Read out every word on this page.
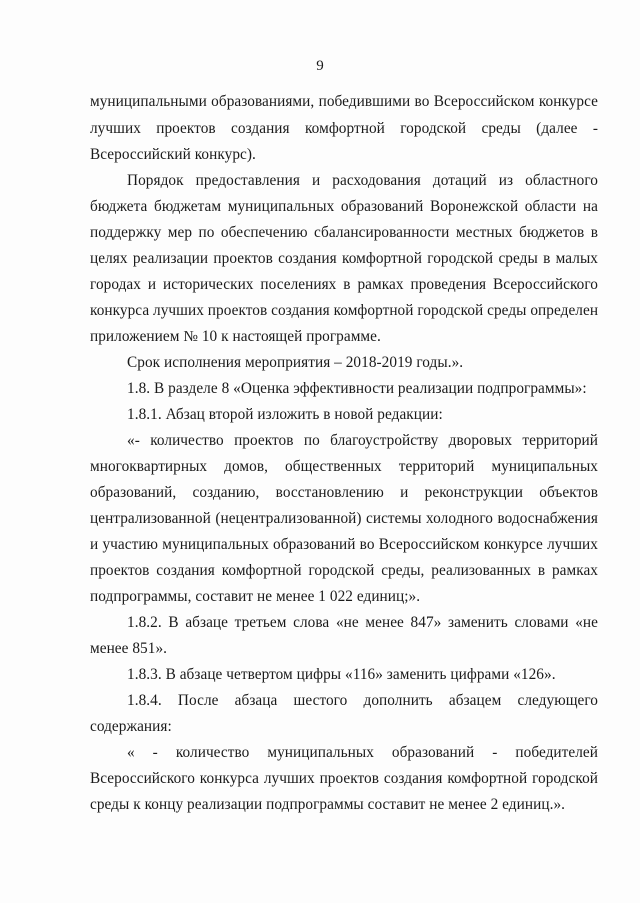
9
муниципальными образованиями, победившими во Всероссийском конкурсе
лучших проектов создания комфортной городской среды (далее -
Всероссийский конкурс).
Порядок предоставления и расходования дотаций из областного
бюджета бюджетам муниципальных образований Воронежской области на
поддержку мер по обеспечению сбалансированности местных бюджетов в
целях реализации проектов создания комфортной городской среды в малых
городах и исторических поселениях в рамках проведения Всероссийского
конкурса лучших проектов создания комфортной городской среды определен
приложением № 10 к настоящей программе.
Срок исполнения мероприятия – 2018-2019 годы.».
1.8. В разделе 8 «Оценка эффективности реализации подпрограммы»:
1.8.1. Абзац второй изложить в новой редакции:
«- количество проектов по благоустройству дворовых территорий
многоквартирных домов, общественных территорий муниципальных
образований, созданию, восстановлению и реконструкции объектов
централизованной (нецентрализованной) системы холодного водоснабжения
и участию муниципальных образований во Всероссийском конкурсе лучших
проектов создания комфортной городской среды, реализованных в рамках
подпрограммы, составит не менее 1 022 единиц;».
1.8.2. В абзаце третьем слова «не менее 847» заменить словами «не
менее 851».
1.8.3. В абзаце четвертом цифры «116» заменить цифрами «126».
1.8.4. После абзаца шестого дополнить абзацем следующего
содержания:
« - количество муниципальных образований - победителей
Всероссийского конкурса лучших проектов создания комфортной городской
среды к концу реализации подпрограммы составит не менее 2 единиц.».
